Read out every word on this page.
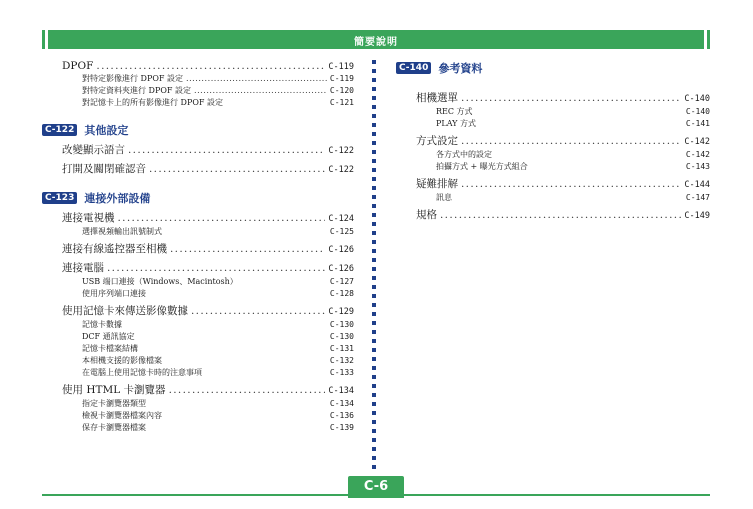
簡要說明
DPOF . . .	C-119
對特定影像進行 DPOF 設定 . . .	C-119
對特定資料夾進行 DPOF 設定 . . .	C-120
對記憶卡上的所有影像進行 DPOF 設定	C-121
C-122 其他設定
改變顯示語言 . . .	C-122
打開及關閉確認音 . . .	C-122
C-123 連接外部設備
連接電視機 . . .	C-124
選擇視頻輸出訊號制式	C-125
連接有線遙控器至相機 . . .	C-126
連接電腦 . . .	C-126
USB 端口連接（Windows、Macintosh）	C-127
使用序列端口連接	C-128
使用記憶卡來傳送影像數據 . . .	C-129
記憶卡數據	C-130
DCF 通訊協定	C-130
記憶卡檔案結構	C-131
本相機支援的影像檔案	C-132
在電腦上使用記憶卡時的注意事項	C-133
使用 HTML 卡瀏覽器 . . .	C-134
指定卡瀏覽器類型	C-134
檢視卡瀏覽器檔案內容	C-136
保存卡瀏覽器檔案	C-139
C-140 參考資料
相機選單 . . .	C-140
REC 方式	C-140
PLAY 方式	C-141
方式設定 . . .	C-142
各方式中的設定	C-142
拍攝方式 + 曝光方式組合	C-143
疑難排解 . . .	C-144
訊息	C-147
規格 . . .	C-149
C-6
